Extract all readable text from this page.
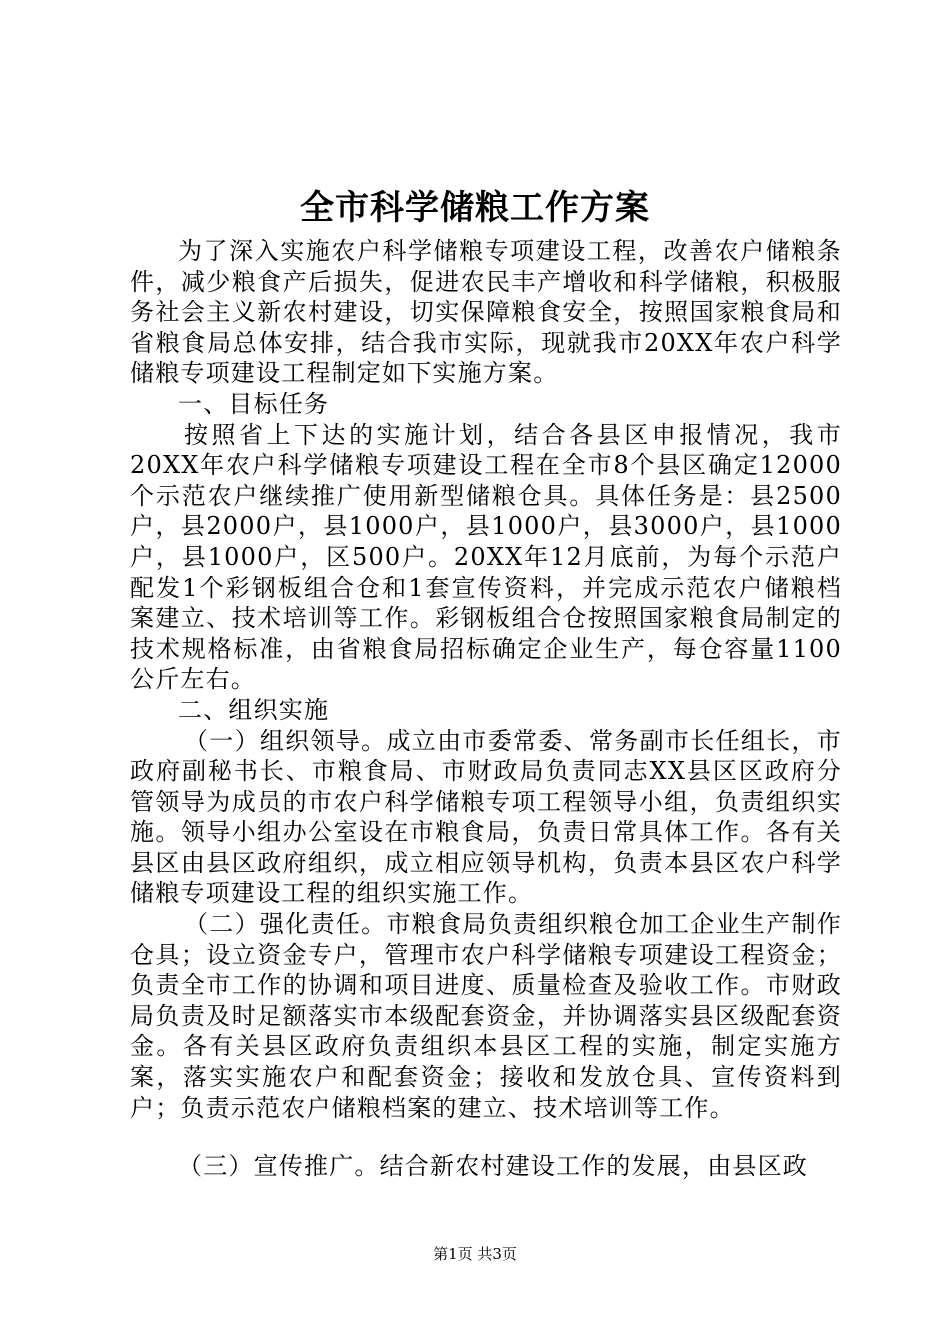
全市科学储粮工作方案

为了深入实施农户科学储粮专项建设工程，改善农户储粮条件，减少粮食产后损失，促进农民丰产增收和科学储粮，积极服务社会主义新农村建设，切实保障粮食安全，按照国家粮食局和省粮食局总体安排，结合我市实际，现就我市20XX年农户科学储粮专项建设工程制定如下实施方案。

一、目标任务

按照省上下达的实施计划，结合各县区申报情况，我市20XX年农户科学储粮专项建设工程在全市8个县区确定12000个示范农户继续推广使用新型储粮仓具。具体任务是：县2500户，县2000户，县1000户，县1000户，县3000户，县1000户，县1000户，区500户。20XX年12月底前，为每个示范户配发1个彩钢板组合仓和1套宣传资料，并完成示范农户储粮档案建立、技术培训等工作。彩钢板组合仓按照国家粮食局制定的技术规格标准，由省粮食局招标确定企业生产，每仓容量1100公斤左右。

二、组织实施

（一）组织领导。成立由市委常委、常务副市长任组长，市政府副秘书长、市粮食局、市财政局负责同志XX县区区政府分管领导为成员的市农户科学储粮专项工程领导小组，负责组织实施。领导小组办公室设在市粮食局，负责日常具体工作。各有关县区由县区政府组织，成立相应领导机构，负责本县区农户科学储粮专项建设工程的组织实施工作。

（二）强化责任。市粮食局负责组织粮仓加工企业生产制作仓具；设立资金专户，管理市农户科学储粮专项建设工程资金；负责全市工作的协调和项目进度、质量检查及验收工作。市财政局负责及时足额落实市本级配套资金，并协调落实县区级配套资金。各有关县区政府负责组织本县区工程的实施，制定实施方案，落实实施农户和配套资金；接收和发放仓具、宣传资料到户；负责示范农户储粮档案的建立、技术培训等工作。

（三）宣传推广。结合新农村建设工作的发展，由县区政

第1页 共3页
